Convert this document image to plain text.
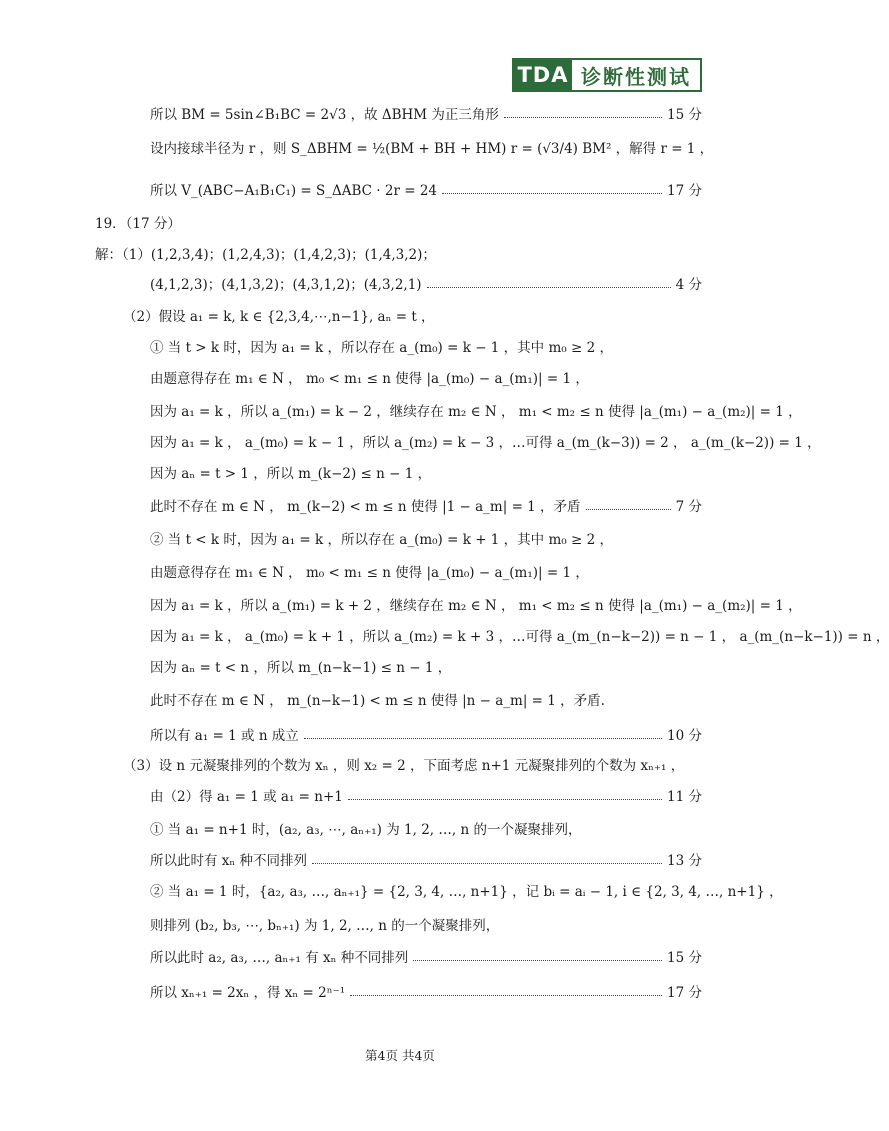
TDA 诊断性测试
所以 BM = 5sin∠B₁BC = 2√3 ，故 ΔBHM 为正三角形	15 分
设内接球半径为 r ，则 S_ΔBHM = ½(BM + BH + HM) r = (√3/4) BM² ，解得 r = 1 ，
所以 V_(ABC−A₁B₁C₁) = S_ΔABC · 2r = 24	17 分
19．（17 分）
解：（1）(1,2,3,4)；(1,2,4,3)；(1,4,2,3)；(1,4,3,2)；
(4,1,2,3)；(4,1,3,2)；(4,3,1,2)；(4,3,2,1)	4 分
（2）假设 a₁ = k, k ∈ {2,3,4,⋯,n−1}, aₙ = t ，
① 当 t > k 时，因为 a₁ = k ，所以存在 a_(m₀) = k − 1 ，其中 m₀ ≥ 2 ，
由题意得存在 m₁ ∈ N ， m₀ < m₁ ≤ n 使得 |a_(m₀) − a_(m₁)| = 1 ，
因为 a₁ = k ，所以 a_(m₁) = k − 2 ，继续存在 m₂ ∈ N ， m₁ < m₂ ≤ n 使得 |a_(m₁) − a_(m₂)| = 1 ，
因为 a₁ = k ， a_(m₀) = k − 1 ，所以 a_(m₂) = k − 3 ，…可得 a_(m_(k−3)) = 2 ， a_(m_(k−2)) = 1 ，
因为 aₙ = t > 1 ，所以 m_(k−2) ≤ n − 1 ，
此时不存在 m ∈ N ， m_(k−2) < m ≤ n 使得 |1 − a_m| = 1 ，矛盾	7 分
② 当 t < k 时，因为 a₁ = k ，所以存在 a_(m₀) = k + 1 ，其中 m₀ ≥ 2 ，
由题意得存在 m₁ ∈ N ， m₀ < m₁ ≤ n 使得 |a_(m₀) − a_(m₁)| = 1 ，
因为 a₁ = k ，所以 a_(m₁) = k + 2 ，继续存在 m₂ ∈ N ， m₁ < m₂ ≤ n 使得 |a_(m₁) − a_(m₂)| = 1 ，
因为 a₁ = k ， a_(m₀) = k + 1 ，所以 a_(m₂) = k + 3 ，…可得 a_(m_(n−k−2)) = n − 1 ， a_(m_(n−k−1)) = n ，
因为 aₙ = t < n ，所以 m_(n−k−1) ≤ n − 1 ，
此时不存在 m ∈ N ， m_(n−k−1) < m ≤ n 使得 |n − a_m| = 1 ，矛盾.
所以有 a₁ = 1 或 n 成立	10 分
（3）设 n 元凝聚排列的个数为 xₙ ，则 x₂ = 2 ，下面考虑 n+1 元凝聚排列的个数为 xₙ₊₁ ，
由（2）得 a₁ = 1 或 a₁ = n+1	11 分
① 当 a₁ = n+1 时，(a₂, a₃, ⋯, aₙ₊₁) 为 1, 2, …, n 的一个凝聚排列，
所以此时有 xₙ 种不同排列	13 分
② 当 a₁ = 1 时，{a₂, a₃, …, aₙ₊₁} = {2, 3, 4, …, n+1} ，记 bᵢ = aᵢ − 1, i ∈ {2, 3, 4, …, n+1} ，
则排列 (b₂, b₃, ⋯, bₙ₊₁) 为 1, 2, …, n 的一个凝聚排列，
所以此时 a₂, a₃, …, aₙ₊₁ 有 xₙ 种不同排列	15 分
所以 xₙ₊₁ = 2xₙ ，得 xₙ = 2ⁿ⁻¹	17 分
第4页 共4页
